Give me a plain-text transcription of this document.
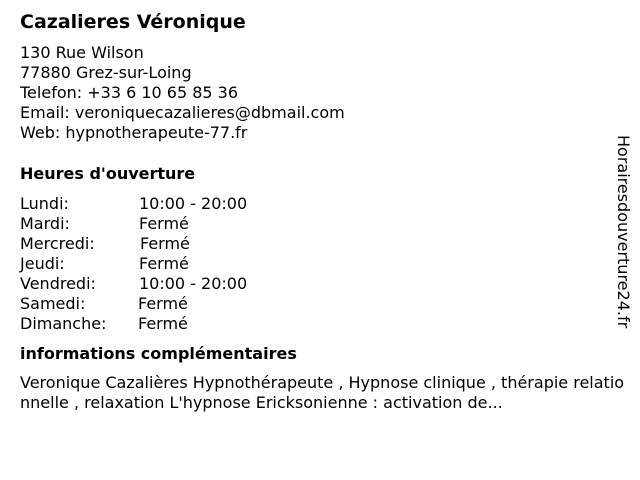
Cazalieres Véronique
130 Rue Wilson
77880 Grez-sur-Loing
Telefon: +33 6 10 65 85 36
Email: veroniquecazalieres@dbmail.com
Web: hypnotherapeute-77.fr
Heures d'ouverture
Lundi:	10:00 - 20:00
Mardi:	Fermé
Mercredi:	Fermé
Jeudi:	Fermé
Vendredi:	10:00 - 20:00
Samedi:	Fermé
Dimanche: Fermé
informations complémentaires
Veronique Cazalières Hypnothérapeute , Hypnose clinique , thérapie relationnelle , relaxation L'hypnose Ericksonienne : activation de...
Horairesdouverture24.fr
